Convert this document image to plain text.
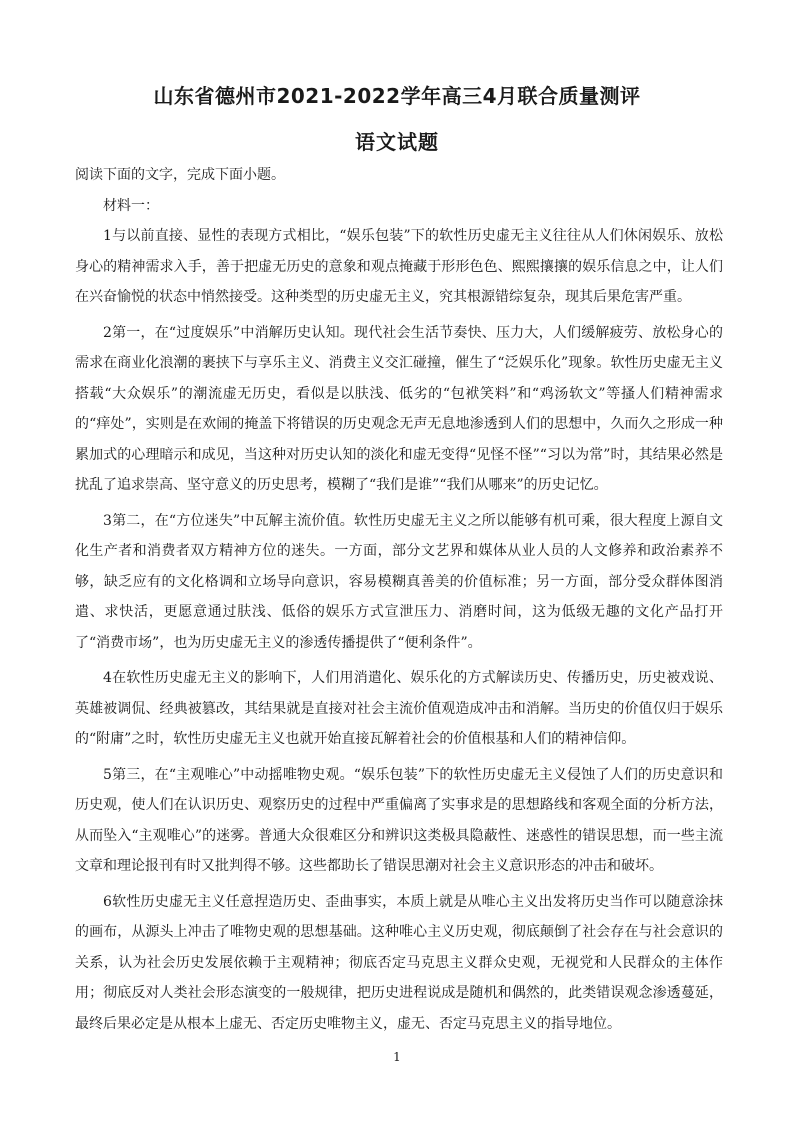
山东省德州市2021-2022学年高三4月联合质量测评
语文试题

阅读下面的文字，完成下面小题。

材料一：

1与以前直接、显性的表现方式相比，“娱乐包装”下的软性历史虚无主义往往从人们休闲娱乐、放松身心的精神需求入手，善于把虚无历史的意象和观点掩藏于形形色色、熙熙攘攘的娱乐信息之中，让人们在兴奋愉悦的状态中悄然接受。这种类型的历史虚无主义，究其根源错综复杂，现其后果危害严重。

2第一，在“过度娱乐”中消解历史认知。现代社会生活节奏快、压力大，人们缓解疲劳、放松身心的需求在商业化浪潮的裹挟下与享乐主义、消费主义交汇碰撞，催生了“泛娱乐化”现象。软性历史虚无主义搭载“大众娱乐”的潮流虚无历史，看似是以肤浅、低劣的“包袱笑料”和“鸡汤软文”等搔人们精神需求的“痒处”，实则是在欢闹的掩盖下将错误的历史观念无声无息地渗透到人们的思想中，久而久之形成一种累加式的心理暗示和成见，当这种对历史认知的淡化和虚无变得“见怪不怪”“习以为常”时，其结果必然是扰乱了追求崇高、坚守意义的历史思考，模糊了“我们是谁”“我们从哪来”的历史记忆。

3第二，在“方位迷失”中瓦解主流价值。软性历史虚无主义之所以能够有机可乘，很大程度上源自文化生产者和消费者双方精神方位的迷失。一方面，部分文艺界和媒体从业人员的人文修养和政治素养不够，缺乏应有的文化格调和立场导向意识，容易模糊真善美的价值标准；另一方面，部分受众群体图消遣、求快活，更愿意通过肤浅、低俗的娱乐方式宣泄压力、消磨时间，这为低级无趣的文化产品打开了“消费市场”，也为历史虚无主义的渗透传播提供了“便利条件”。

4在软性历史虚无主义的影响下，人们用消遣化、娱乐化的方式解读历史、传播历史，历史被戏说、英雄被调侃、经典被篡改，其结果就是直接对社会主流价值观造成冲击和消解。当历史的价值仅归于娱乐的“附庸”之时，软性历史虚无主义也就开始直接瓦解着社会的价值根基和人们的精神信仰。

5第三，在“主观唯心”中动摇唯物史观。“娱乐包装”下的软性历史虚无主义侵蚀了人们的历史意识和历史观，使人们在认识历史、观察历史的过程中严重偏离了实事求是的思想路线和客观全面的分析方法，从而坠入“主观唯心”的迷雾。普通大众很难区分和辨识这类极具隐蔽性、迷惑性的错误思想，而一些主流文章和理论报刊有时又批判得不够。这些都助长了错误思潮对社会主义意识形态的冲击和破坏。

6软性历史虚无主义任意捏造历史、歪曲事实，本质上就是从唯心主义出发将历史当作可以随意涂抹的画布，从源头上冲击了唯物史观的思想基础。这种唯心主义历史观，彻底颠倒了社会存在与社会意识的关系，认为社会历史发展依赖于主观精神；彻底否定马克思主义群众史观，无视党和人民群众的主体作用；彻底反对人类社会形态演变的一般规律，把历史进程说成是随机和偶然的，此类错误观念渗透蔓延，最终后果必定是从根本上虚无、否定历史唯物主义，虚无、否定马克思主义的指导地位。

1
